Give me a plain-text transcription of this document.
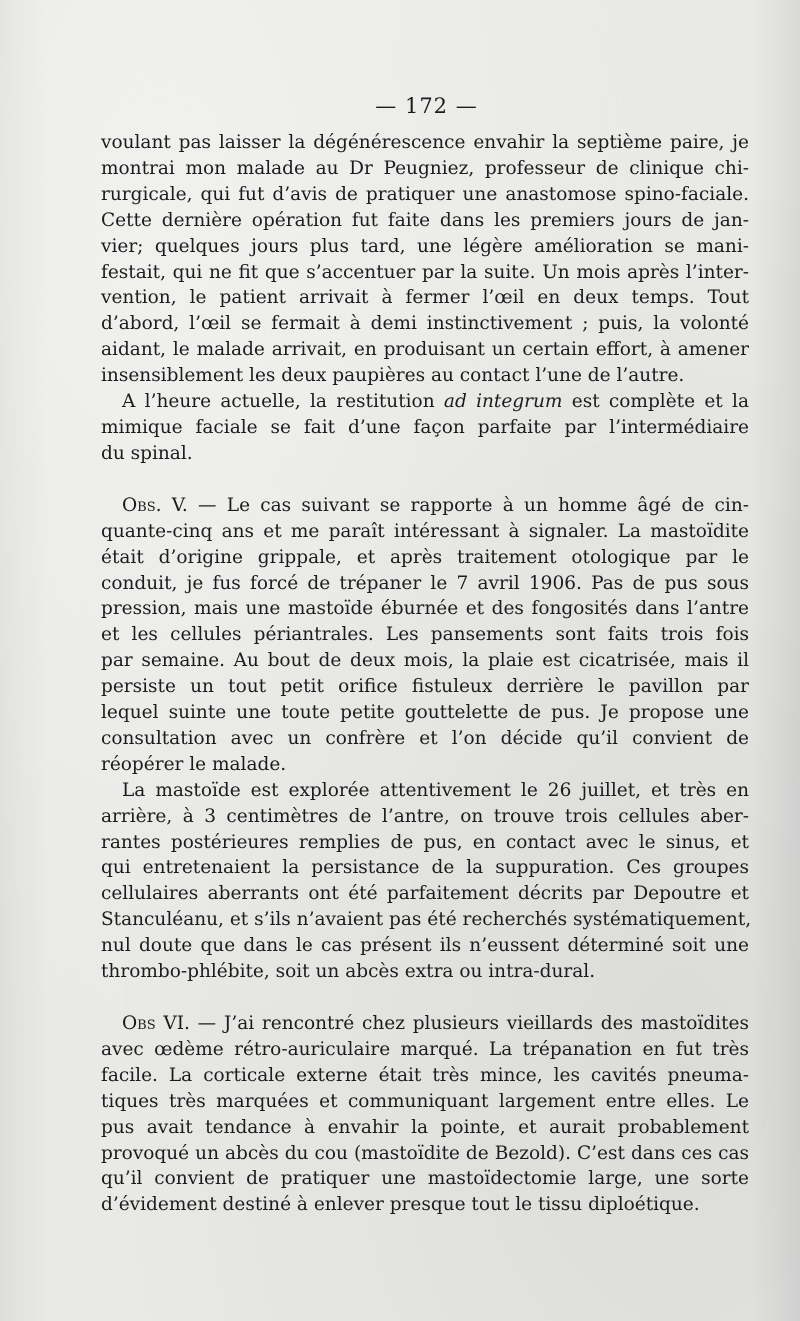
— 172 —
voulant pas laisser la dégénérescence envahir la septième paire, je
montrai mon malade au Dr Peugniez, professeur de clinique chi-
rurgicale, qui fut d’avis de pratiquer une anastomose spino-faciale.
Cette dernière opération fut faite dans les premiers jours de jan-
vier; quelques jours plus tard, une légère amélioration se mani-
festait, qui ne fit que s’accentuer par la suite. Un mois après l’inter-
vention, le patient arrivait à fermer l’œil en deux temps. Tout
d’abord, l’œil se fermait à demi instinctivement ; puis, la volonté
aidant, le malade arrivait, en produisant un certain effort, à amener
insensiblement les deux paupières au contact l’une de l’autre.
A l’heure actuelle, la restitution ad integrum est complète et la
mimique faciale se fait d’une façon parfaite par l’intermédiaire
du spinal.
Obs. V. — Le cas suivant se rapporte à un homme âgé de cin-
quante-cinq ans et me paraît intéressant à signaler. La mastoïdite
était d’origine grippale, et après traitement otologique par le
conduit, je fus forcé de trépaner le 7 avril 1906. Pas de pus sous
pression, mais une mastoïde éburnée et des fongosités dans l’antre
et les cellules périantrales. Les pansements sont faits trois fois
par semaine. Au bout de deux mois, la plaie est cicatrisée, mais il
persiste un tout petit orifice fistuleux derrière le pavillon par
lequel suinte une toute petite gouttelette de pus. Je propose une
consultation avec un confrère et l’on décide qu’il convient de
réopérer le malade.
La mastoïde est explorée attentivement le 26 juillet, et très en
arrière, à 3 centimètres de l’antre, on trouve trois cellules aber-
rantes postérieures remplies de pus, en contact avec le sinus, et
qui entretenaient la persistance de la suppuration. Ces groupes
cellulaires aberrants ont été parfaitement décrits par Depoutre et
Stanculéanu, et s’ils n’avaient pas été recherchés systématiquement,
nul doute que dans le cas présent ils n’eussent déterminé soit une
thrombo-phlébite, soit un abcès extra ou intra-dural.
Obs VI. — J’ai rencontré chez plusieurs vieillards des mastoïdites
avec œdème rétro-auriculaire marqué. La trépanation en fut très
facile. La corticale externe était très mince, les cavités pneuma-
tiques très marquées et communiquant largement entre elles. Le
pus avait tendance à envahir la pointe, et aurait probablement
provoqué un abcès du cou (mastoïdite de Bezold). C’est dans ces cas
qu’il convient de pratiquer une mastoïdectomie large, une sorte
d’évidement destiné à enlever presque tout le tissu diploétique.
